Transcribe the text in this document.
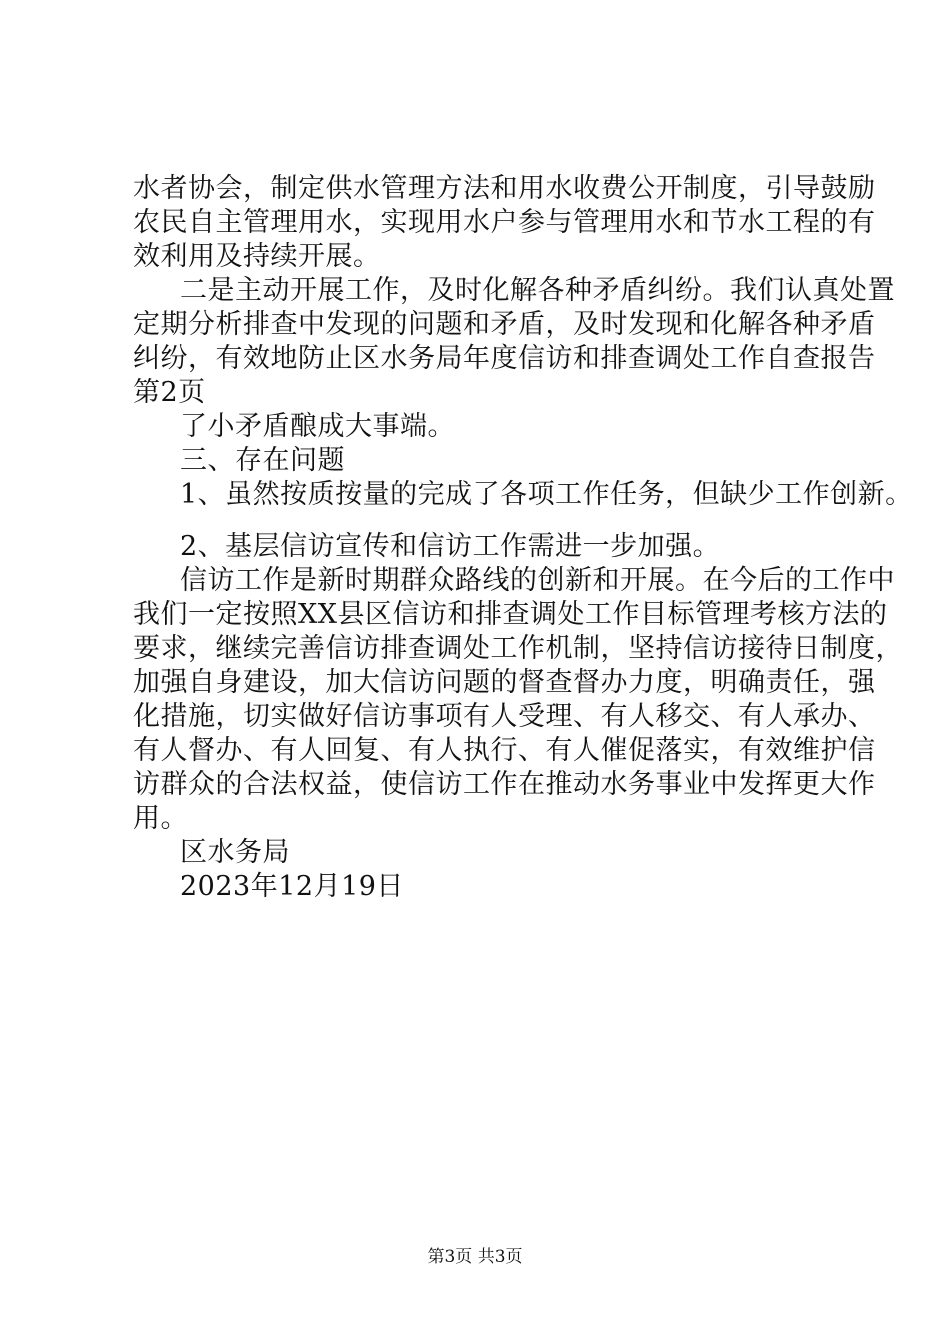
水者协会，制定供水管理方法和用水收费公开制度，引导鼓励
农民自主管理用水，实现用水户参与管理用水和节水工程的有
效利用及持续开展。
二是主动开展工作，及时化解各种矛盾纠纷。我们认真处置
定期分析排查中发现的问题和矛盾，及时发现和化解各种矛盾
纠纷，有效地防止区水务局年度信访和排查调处工作自查报告
第2页
了小矛盾酿成大事端。
三、存在问题
1、虽然按质按量的完成了各项工作任务，但缺少工作创新。
2、基层信访宣传和信访工作需进一步加强。
信访工作是新时期群众路线的创新和开展。在今后的工作中
我们一定按照XX县区信访和排查调处工作目标管理考核方法的
要求，继续完善信访排查调处工作机制，坚持信访接待日制度，
加强自身建设，加大信访问题的督查督办力度，明确责任，强
化措施，切实做好信访事项有人受理、有人移交、有人承办、
有人督办、有人回复、有人执行、有人催促落实，有效维护信
访群众的合法权益，使信访工作在推动水务事业中发挥更大作
用。
区水务局
2023年12月19日
第3页 共3页
